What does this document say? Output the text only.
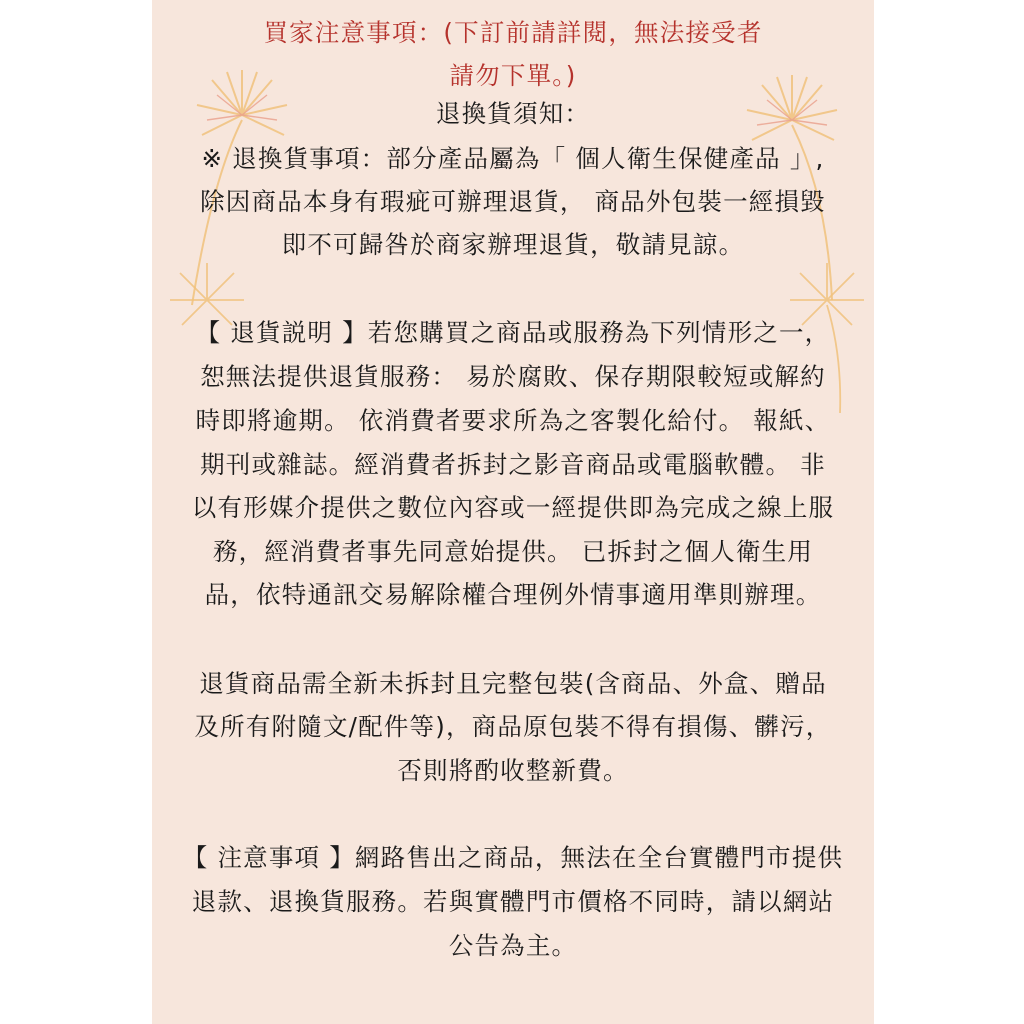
買家注意事項：(下訂前請詳閱，無法接受者
請勿下單。)
退換貨須知：
※ 退換貨事項：部分產品屬為「 個人衛生保健產品 」,
除因商品本身有瑕疵可辦理退貨， 商品外包裝一經損毀
即不可歸咎於商家辦理退貨，敬請見諒。
【 退貨説明 】若您購買之商品或服務為下列情形之一，
恕無法提供退貨服務： 易於腐敗、保存期限較短或解約
時即將逾期。 依消費者要求所為之客製化給付。 報紙、
期刊或雜誌。經消費者拆封之影音商品或電腦軟體。 非
以有形媒介提供之數位內容或一經提供即為完成之線上服
務，經消費者事先同意始提供。 已拆封之個人衛生用
品，依特通訊交易解除權合理例外情事適用準則辦理。
退貨商品需全新未拆封且完整包裝(含商品、外盒、贈品
及所有附隨文/配件等)，商品原包裝不得有損傷、髒污，
否則將酌收整新費。
【 注意事項 】網路售出之商品，無法在全台實體門市提供
退款、退換貨服務。若與實體門市價格不同時，請以網站
公告為主。
